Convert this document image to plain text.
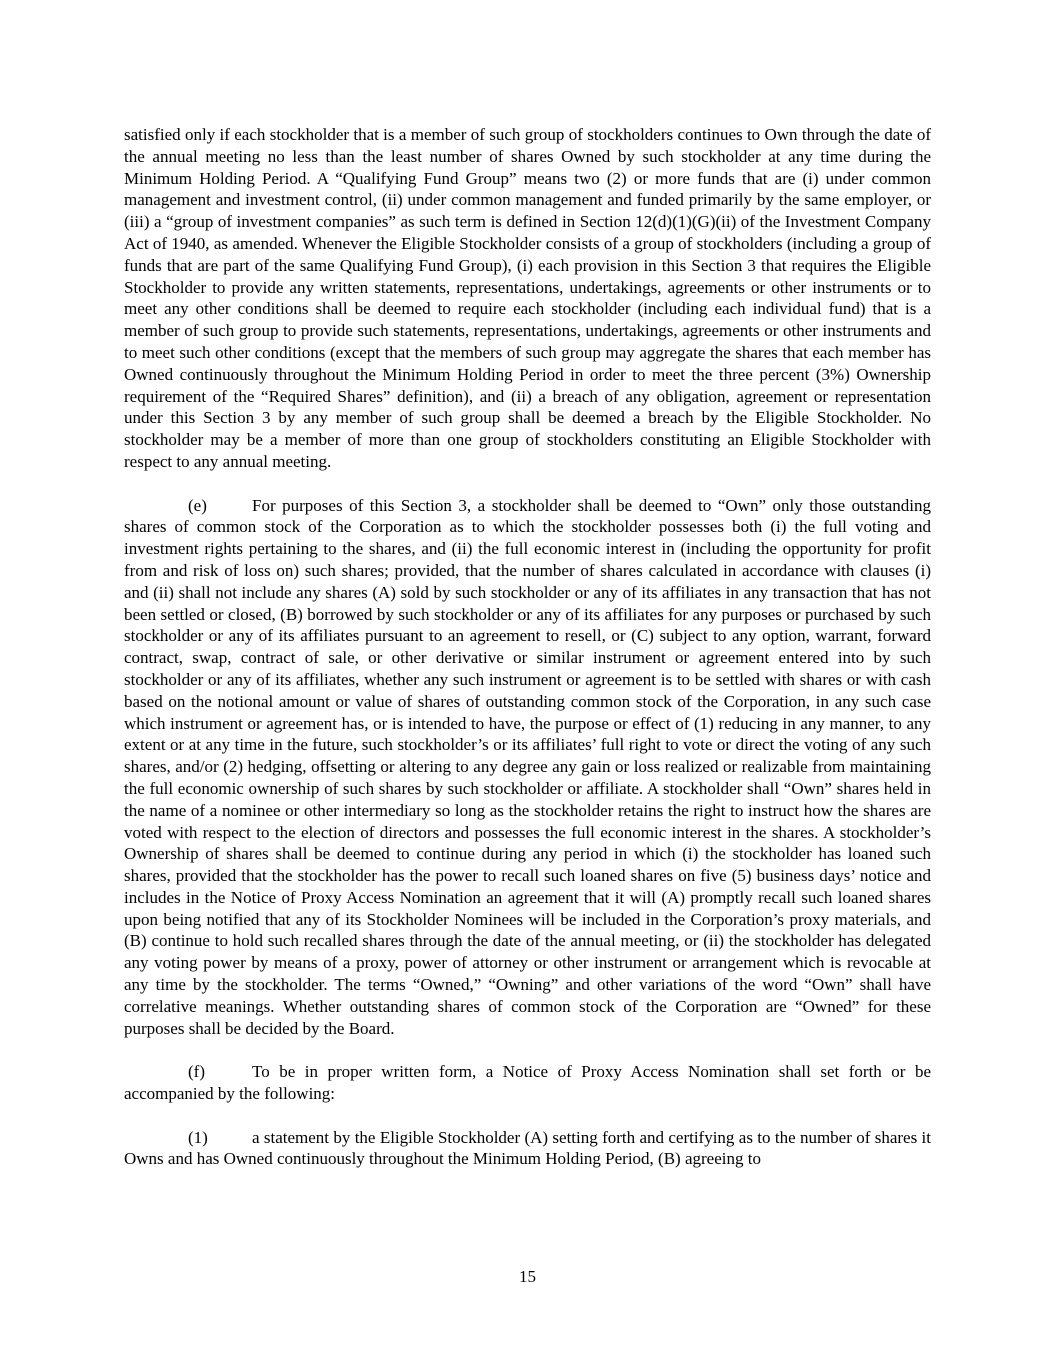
satisfied only if each stockholder that is a member of such group of stockholders continues to Own through the date of the annual meeting no less than the least number of shares Owned by such stockholder at any time during the Minimum Holding Period. A “Qualifying Fund Group” means two (2) or more funds that are (i) under common management and investment control, (ii) under common management and funded primarily by the same employer, or (iii) a “group of investment companies” as such term is defined in Section 12(d)(1)(G)(ii) of the Investment Company Act of 1940, as amended. Whenever the Eligible Stockholder consists of a group of stockholders (including a group of funds that are part of the same Qualifying Fund Group), (i) each provision in this Section 3 that requires the Eligible Stockholder to provide any written statements, representations, undertakings, agreements or other instruments or to meet any other conditions shall be deemed to require each stockholder (including each individual fund) that is a member of such group to provide such statements, representations, undertakings, agreements or other instruments and to meet such other conditions (except that the members of such group may aggregate the shares that each member has Owned continuously throughout the Minimum Holding Period in order to meet the three percent (3%) Ownership requirement of the “Required Shares” definition), and (ii) a breach of any obligation, agreement or representation under this Section 3 by any member of such group shall be deemed a breach by the Eligible Stockholder. No stockholder may be a member of more than one group of stockholders constituting an Eligible Stockholder with respect to any annual meeting.

(e)	For purposes of this Section 3, a stockholder shall be deemed to “Own” only those outstanding shares of common stock of the Corporation as to which the stockholder possesses both (i) the full voting and investment rights pertaining to the shares, and (ii) the full economic interest in (including the opportunity for profit from and risk of loss on) such shares; provided, that the number of shares calculated in accordance with clauses (i) and (ii) shall not include any shares (A) sold by such stockholder or any of its affiliates in any transaction that has not been settled or closed, (B) borrowed by such stockholder or any of its affiliates for any purposes or purchased by such stockholder or any of its affiliates pursuant to an agreement to resell, or (C) subject to any option, warrant, forward contract, swap, contract of sale, or other derivative or similar instrument or agreement entered into by such stockholder or any of its affiliates, whether any such instrument or agreement is to be settled with shares or with cash based on the notional amount or value of shares of outstanding common stock of the Corporation, in any such case which instrument or agreement has, or is intended to have, the purpose or effect of (1) reducing in any manner, to any extent or at any time in the future, such stockholder’s or its affiliates’ full right to vote or direct the voting of any such shares, and/or (2) hedging, offsetting or altering to any degree any gain or loss realized or realizable from maintaining the full economic ownership of such shares by such stockholder or affiliate. A stockholder shall “Own” shares held in the name of a nominee or other intermediary so long as the stockholder retains the right to instruct how the shares are voted with respect to the election of directors and possesses the full economic interest in the shares. A stockholder’s Ownership of shares shall be deemed to continue during any period in which (i) the stockholder has loaned such shares, provided that the stockholder has the power to recall such loaned shares on five (5) business days’ notice and includes in the Notice of Proxy Access Nomination an agreement that it will (A) promptly recall such loaned shares upon being notified that any of its Stockholder Nominees will be included in the Corporation’s proxy materials, and (B) continue to hold such recalled shares through the date of the annual meeting, or (ii) the stockholder has delegated any voting power by means of a proxy, power of attorney or other instrument or arrangement which is revocable at any time by the stockholder. The terms “Owned,” “Owning” and other variations of the word “Own” shall have correlative meanings. Whether outstanding shares of common stock of the Corporation are “Owned” for these purposes shall be decided by the Board.

(f)	To be in proper written form, a Notice of Proxy Access Nomination shall set forth or be accompanied by the following:

(1)	a statement by the Eligible Stockholder (A) setting forth and certifying as to the number of shares it Owns and has Owned continuously throughout the Minimum Holding Period, (B) agreeing to

15
